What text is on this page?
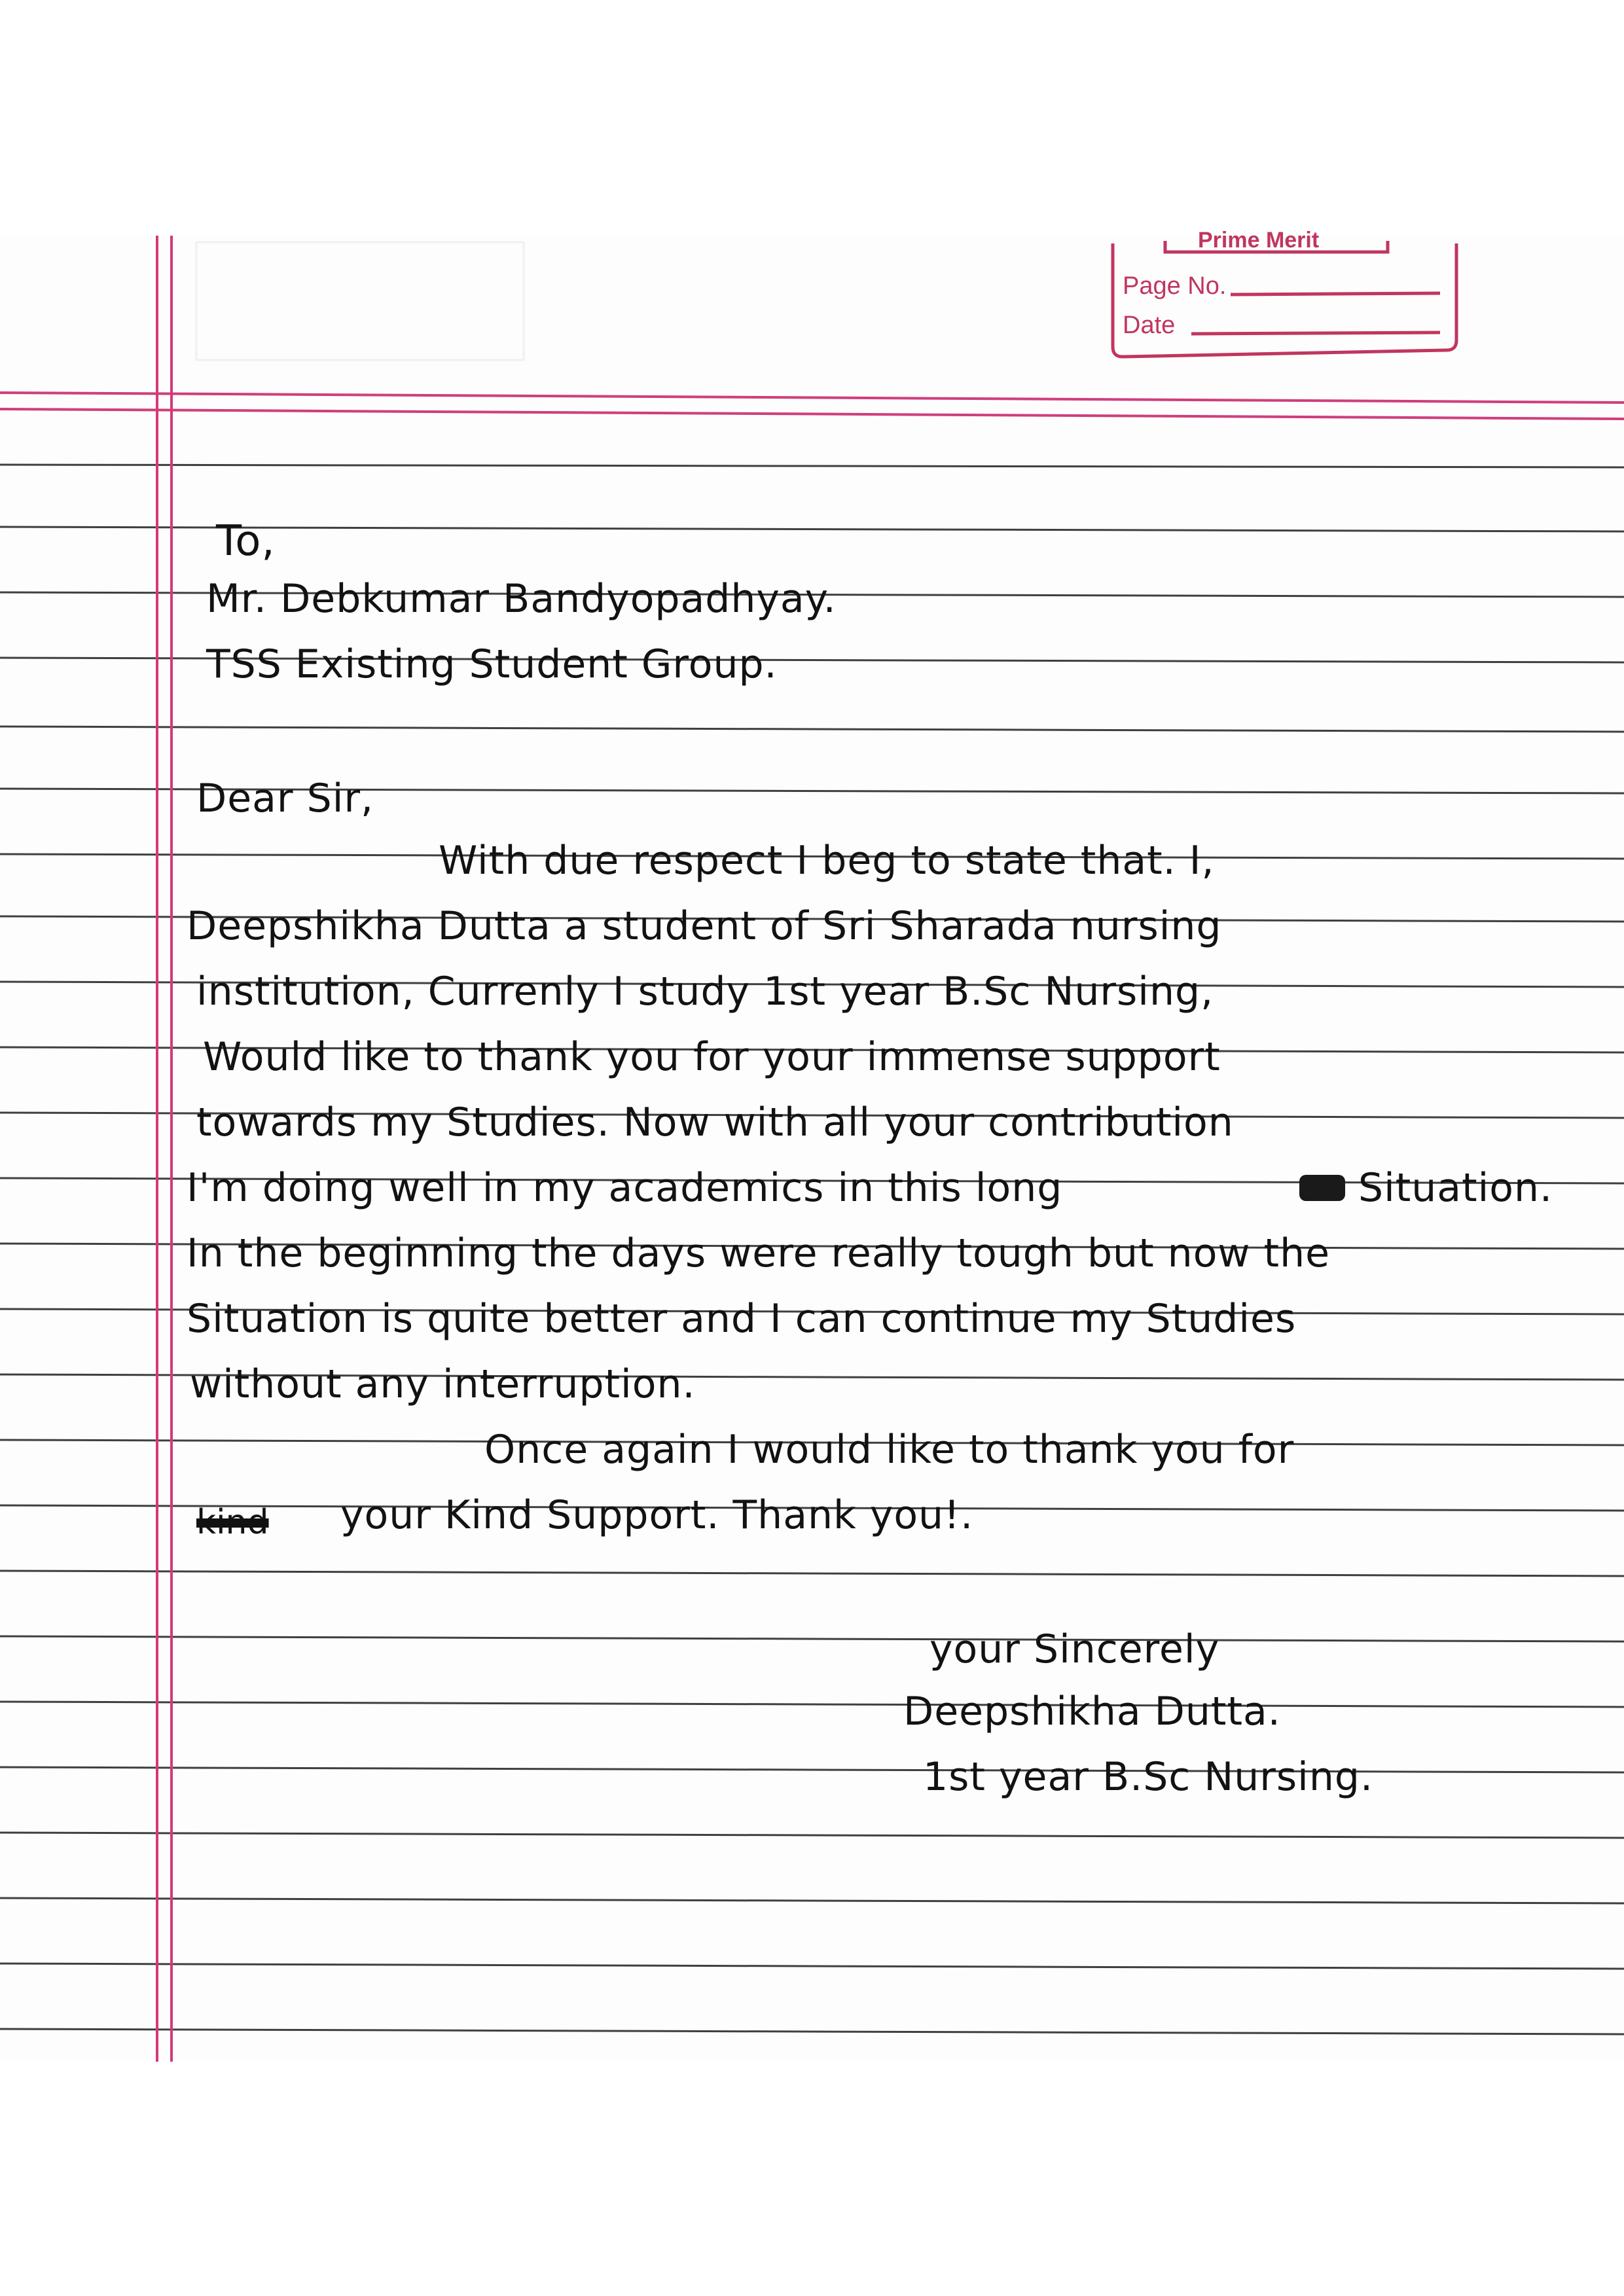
Prime Merit
Page No.
Date
To,
Mr. Debkumar Bandyopadhyay.
TSS Existing Student Group.
Dear Sir,
With due respect I beg to state that. I,
Deepshikha Dutta a student of Sri Sharada nursing
institution, Currenly I study 1st year B.Sc Nursing,
Would like to thank you for your immense support
towards my Studies. Now with all your contribution
I'm doing well in my academics in this long	Situation.
In the beginning the days were really tough but now the
Situation is quite better and I can continue my Studies
without any interruption.
Once again I would like to thank you for
kind your Kind Support. Thank you!.
your Sincerely
Deepshikha Dutta.
1st year B.Sc Nursing.
